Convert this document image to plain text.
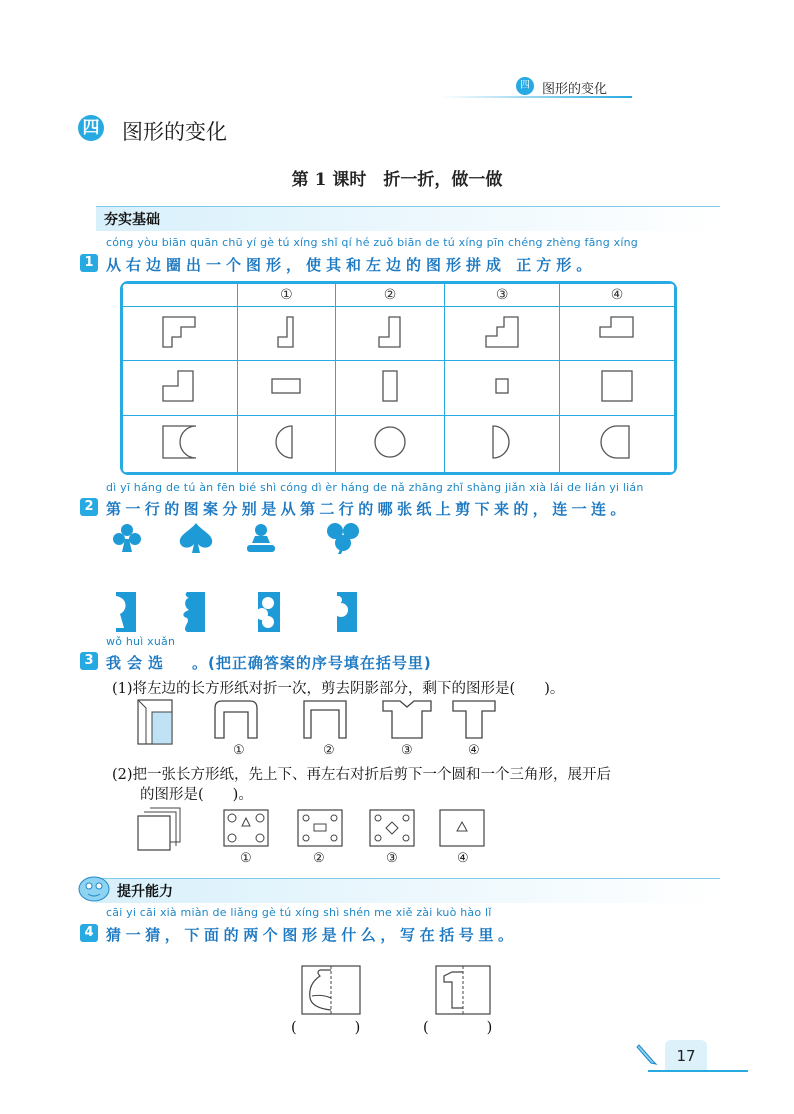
四 图形的变化
四 图形的变化
第 1 课时　折一折，做一做
夯实基础
cóng yòu biān quān chū yí gè tú xíng shǐ qí hé zuǒ biān de tú xíng pīn chéng zhèng fāng xíng
1 从右边圈出一个图形，使其和左边的图形拼成 正方形。
	①	②	③	④

dì yī háng de tú àn fēn bié shì cóng dì èr háng de nǎ zhāng zhǐ shàng jiǎn xià lái de lián yi lián
2 第一行的图案分别是从第二行的哪张纸上剪下来的，连一连。
wǒ huì xuǎn
3 我会选 。(把正确答案的序号填在括号里)
(1)将左边的长方形纸对折一次，剪去阴影部分，剩下的图形是(　　)。
①	②	③	④
(2)把一张长方形纸，先上下、再左右对折后剪下一个圆和一个三角形，展开后
的图形是(　　)。
①	②	③	④
提升能力
cāi yi cāi xià miàn de liǎng gè tú xíng shì shén me xiě zài kuò hào lǐ
4 猜一猜，下面的两个图形是什么，写在括号里。
(　　　　)	(　　　　)
17
